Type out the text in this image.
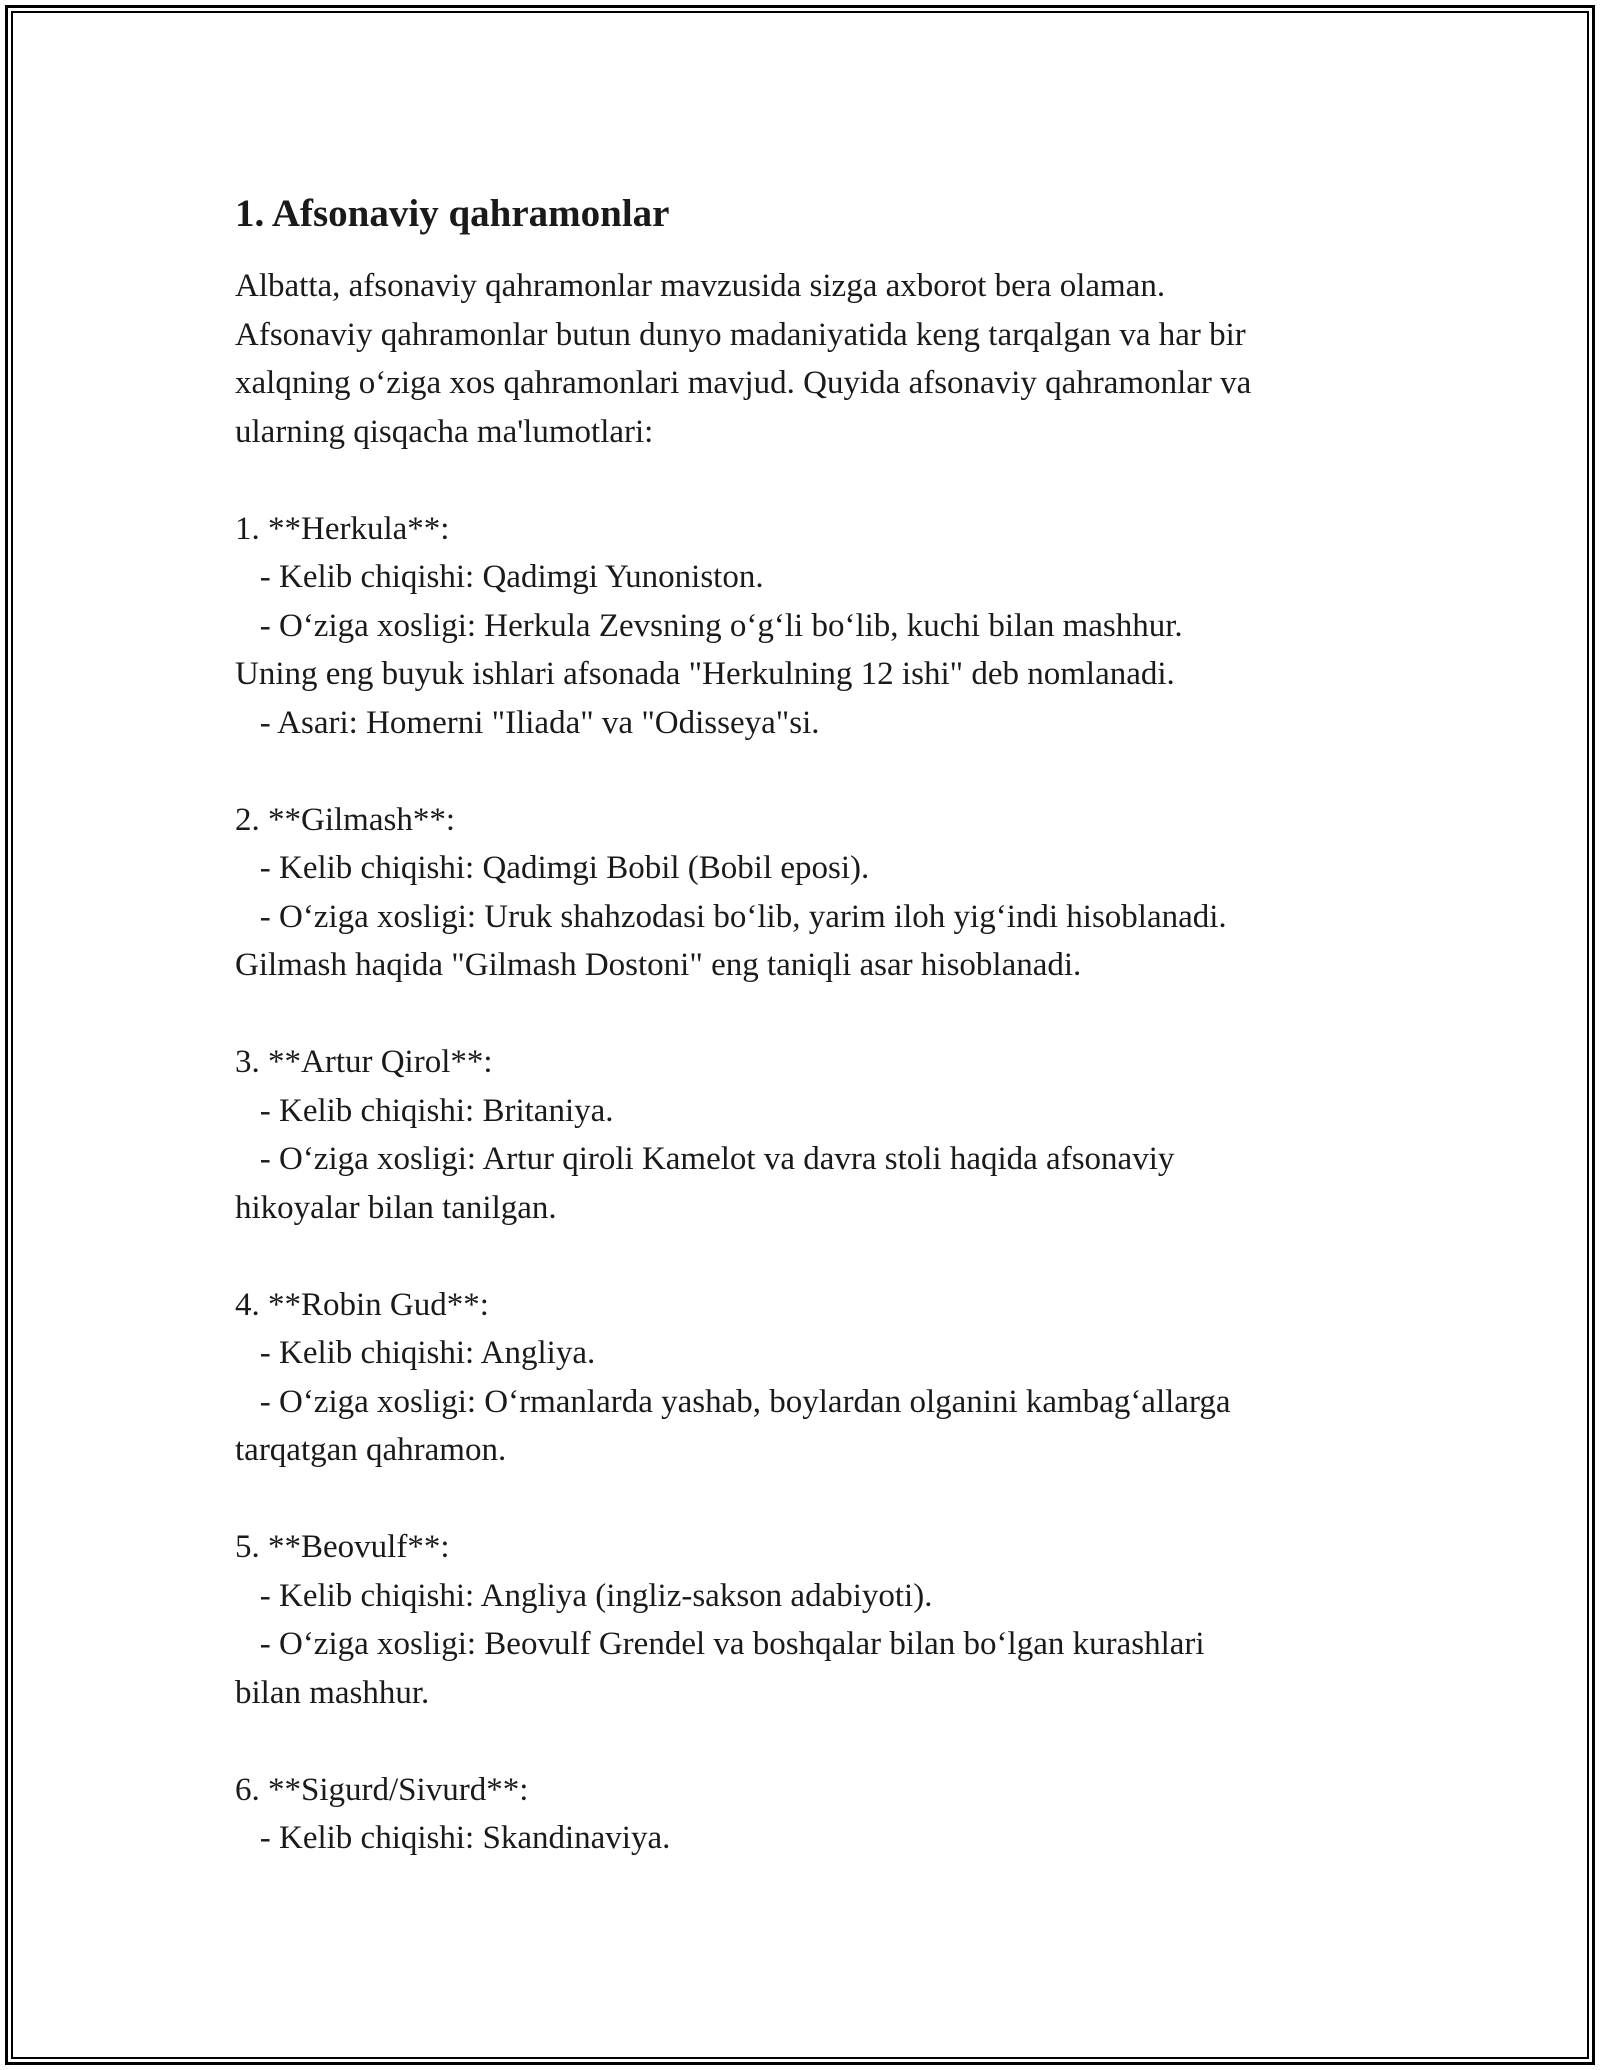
1. Afsonaviy qahramonlar

Albatta, afsonaviy qahramonlar mavzusida sizga axborot bera olaman.
Afsonaviy qahramonlar butun dunyo madaniyatida keng tarqalgan va har bir
xalqning o‘ziga xos qahramonlari mavjud. Quyida afsonaviy qahramonlar va
ularning qisqacha ma'lumotlari:

1. **Herkula**:
- Kelib chiqishi: Qadimgi Yunoniston.
- O‘ziga xosligi: Herkula Zevsning o‘g‘li bo‘lib, kuchi bilan mashhur.
Uning eng buyuk ishlari afsonada "Herkulning 12 ishi" deb nomlanadi.
- Asari: Homerni "Iliada" va "Odisseya"si.

2. **Gilmash**:
- Kelib chiqishi: Qadimgi Bobil (Bobil eposi).
- O‘ziga xosligi: Uruk shahzodasi bo‘lib, yarim iloh yig‘indi hisoblanadi.
Gilmash haqida "Gilmash Dostoni" eng taniqli asar hisoblanadi.

3. **Artur Qirol**:
- Kelib chiqishi: Britaniya.
- O‘ziga xosligi: Artur qiroli Kamelot va davra stoli haqida afsonaviy
hikoyalar bilan tanilgan.

4. **Robin Gud**:
- Kelib chiqishi: Angliya.
- O‘ziga xosligi: O‘rmanlarda yashab, boylardan olganini kambag‘allarga
tarqatgan qahramon.

5. **Beovulf**:
- Kelib chiqishi: Angliya (ingliz-sakson adabiyoti).
- O‘ziga xosligi: Beovulf Grendel va boshqalar bilan bo‘lgan kurashlari
bilan mashhur.

6. **Sigurd/Sivurd**:
- Kelib chiqishi: Skandinaviya.
